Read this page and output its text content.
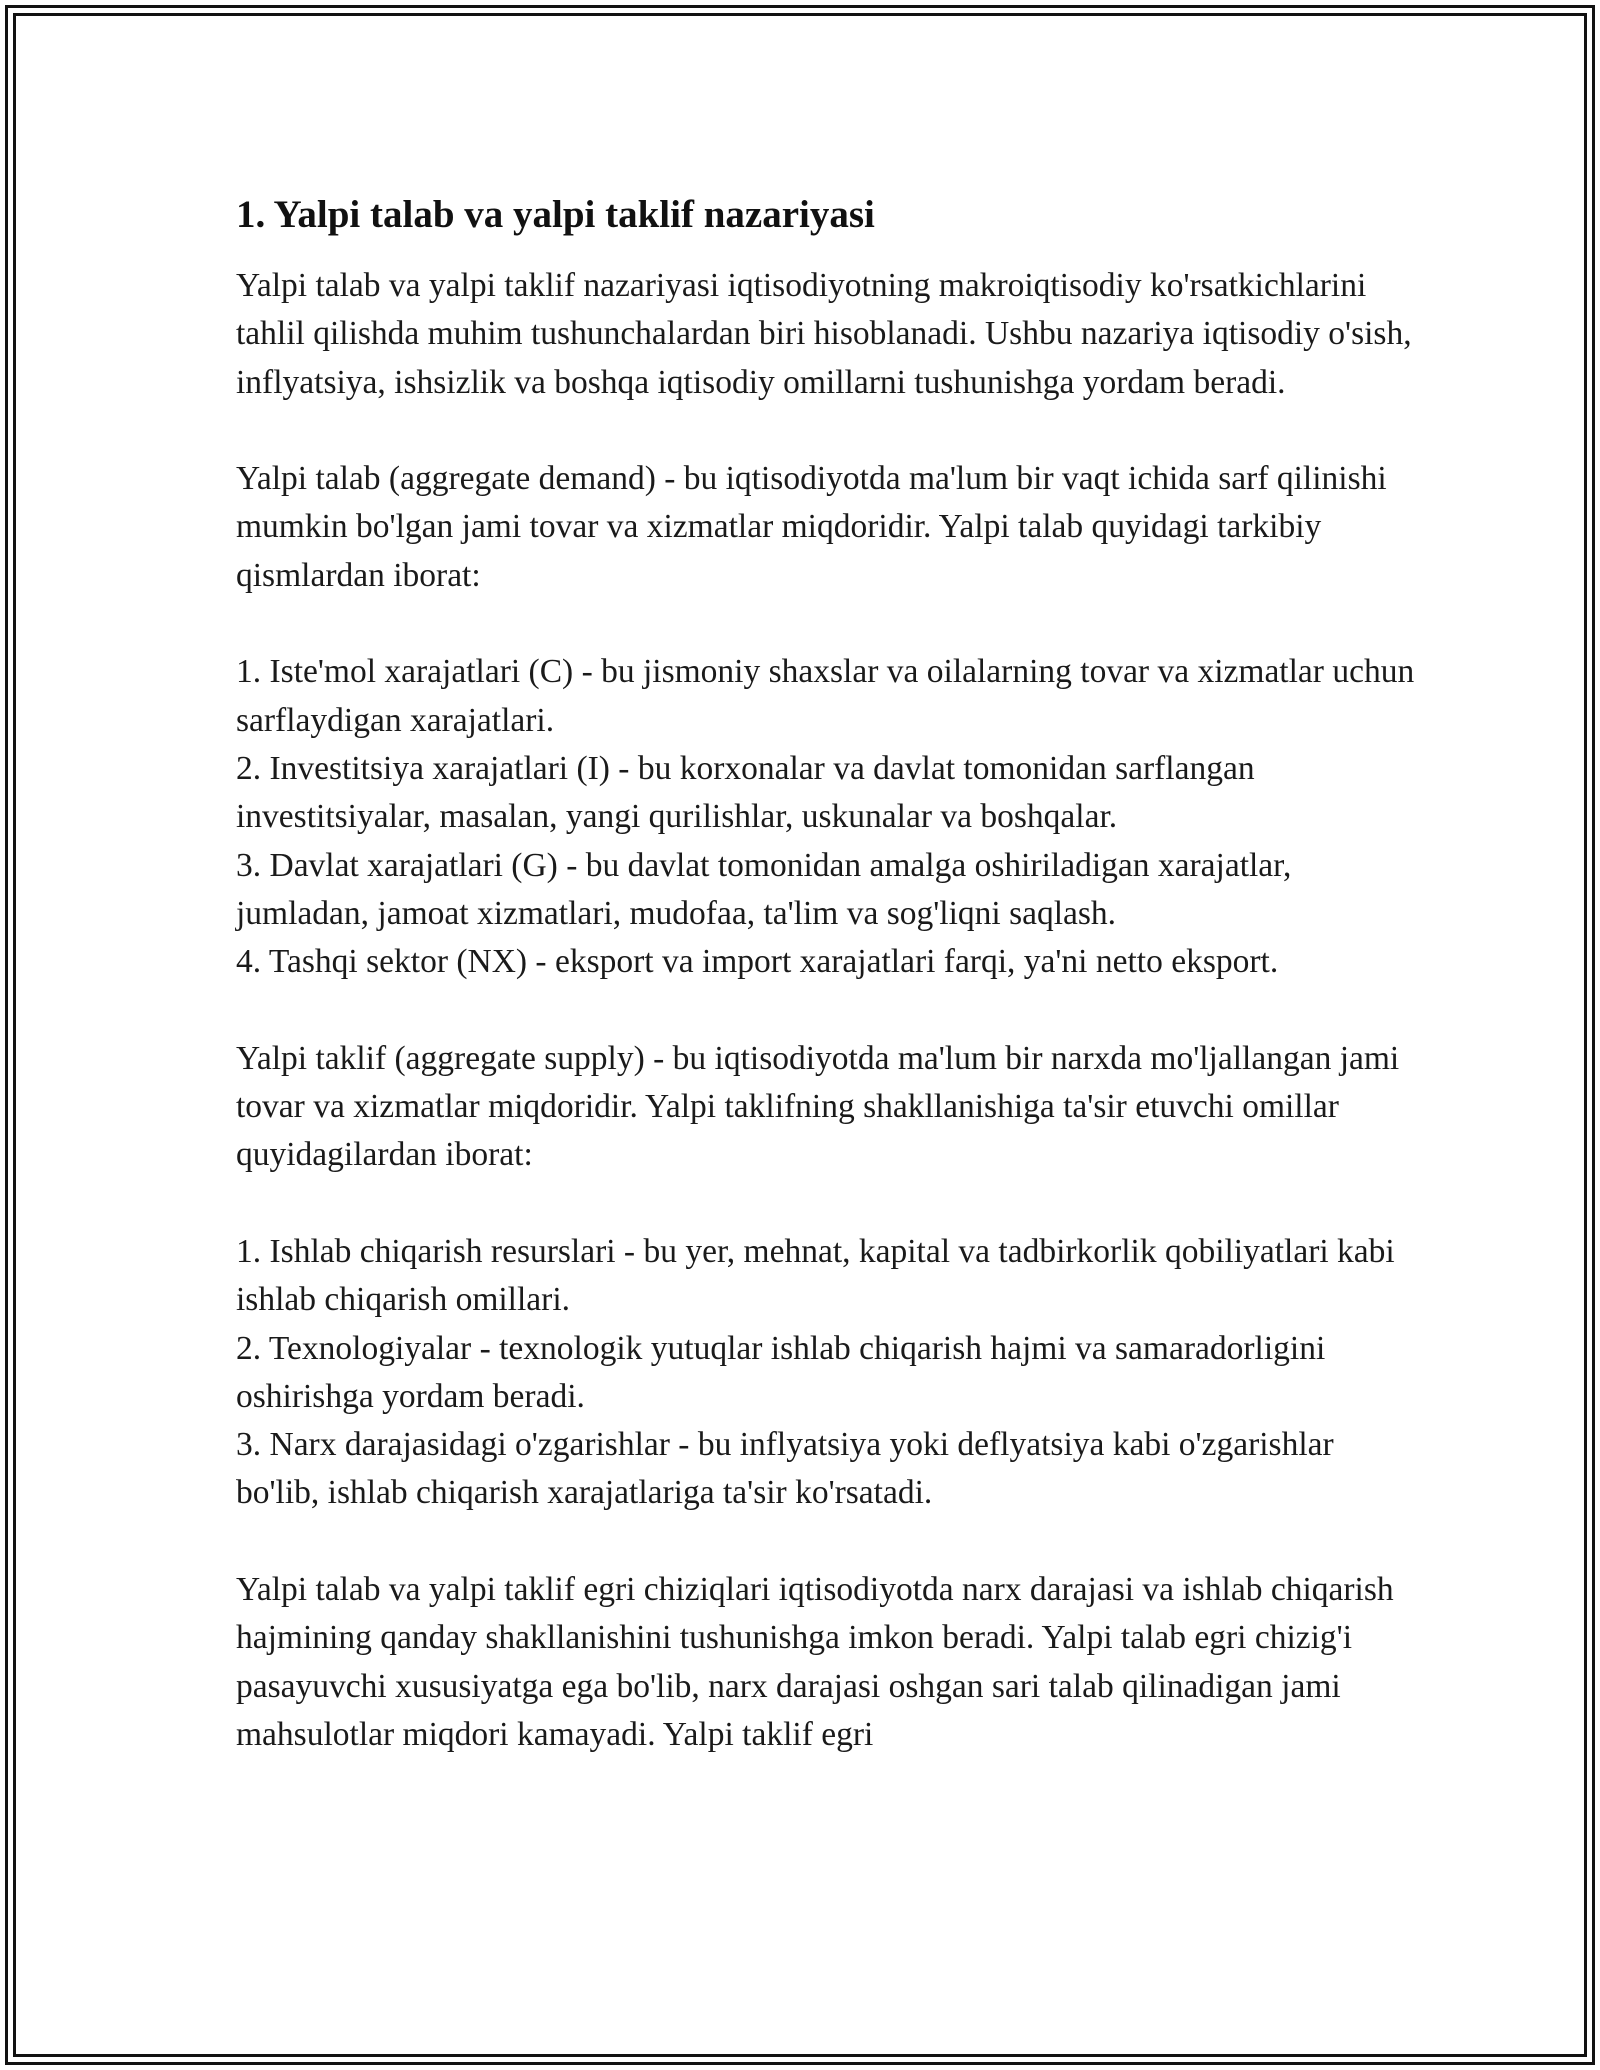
1. Yalpi talab va yalpi taklif nazariyasi

Yalpi talab va yalpi taklif nazariyasi iqtisodiyotning makroiqtisodiy ko'rsatkichlarini tahlil qilishda muhim tushunchalardan biri hisoblanadi. Ushbu nazariya iqtisodiy o'sish, inflyatsiya, ishsizlik va boshqa iqtisodiy omillarni tushunishga yordam beradi.

Yalpi talab (aggregate demand) - bu iqtisodiyotda ma'lum bir vaqt ichida sarf qilinishi mumkin bo'lgan jami tovar va xizmatlar miqdoridir. Yalpi talab quyidagi tarkibiy qismlardan iborat:

1. Iste'mol xarajatlari (C) - bu jismoniy shaxslar va oilalarning tovar va xizmatlar uchun sarflaydigan xarajatlari.

2. Investitsiya xarajatlari (I) - bu korxonalar va davlat tomonidan sarflangan investitsiyalar, masalan, yangi qurilishlar, uskunalar va boshqalar.

3. Davlat xarajatlari (G) - bu davlat tomonidan amalga oshiriladigan xarajatlar, jumladan, jamoat xizmatlari, mudofaa, ta'lim va sog'liqni saqlash.

4. Tashqi sektor (NX) - eksport va import xarajatlari farqi, ya'ni netto eksport.

Yalpi taklif (aggregate supply) - bu iqtisodiyotda ma'lum bir narxda mo'ljallangan jami tovar va xizmatlar miqdoridir. Yalpi taklifning shakllanishiga ta'sir etuvchi omillar quyidagilardan iborat:

1. Ishlab chiqarish resurslari - bu yer, mehnat, kapital va tadbirkorlik qobiliyatlari kabi ishlab chiqarish omillari.

2. Texnologiyalar - texnologik yutuqlar ishlab chiqarish hajmi va samaradorligini oshirishga yordam beradi.

3. Narx darajasidagi o'zgarishlar - bu inflyatsiya yoki deflyatsiya kabi o'zgarishlar bo'lib, ishlab chiqarish xarajatlariga ta'sir ko'rsatadi.

Yalpi talab va yalpi taklif egri chiziqlari iqtisodiyotda narx darajasi va ishlab chiqarish hajmining qanday shakllanishini tushunishga imkon beradi. Yalpi talab egri chizig'i pasayuvchi xususiyatga ega bo'lib, narx darajasi oshgan sari talab qilinadigan jami mahsulotlar miqdori kamayadi. Yalpi taklif egri
